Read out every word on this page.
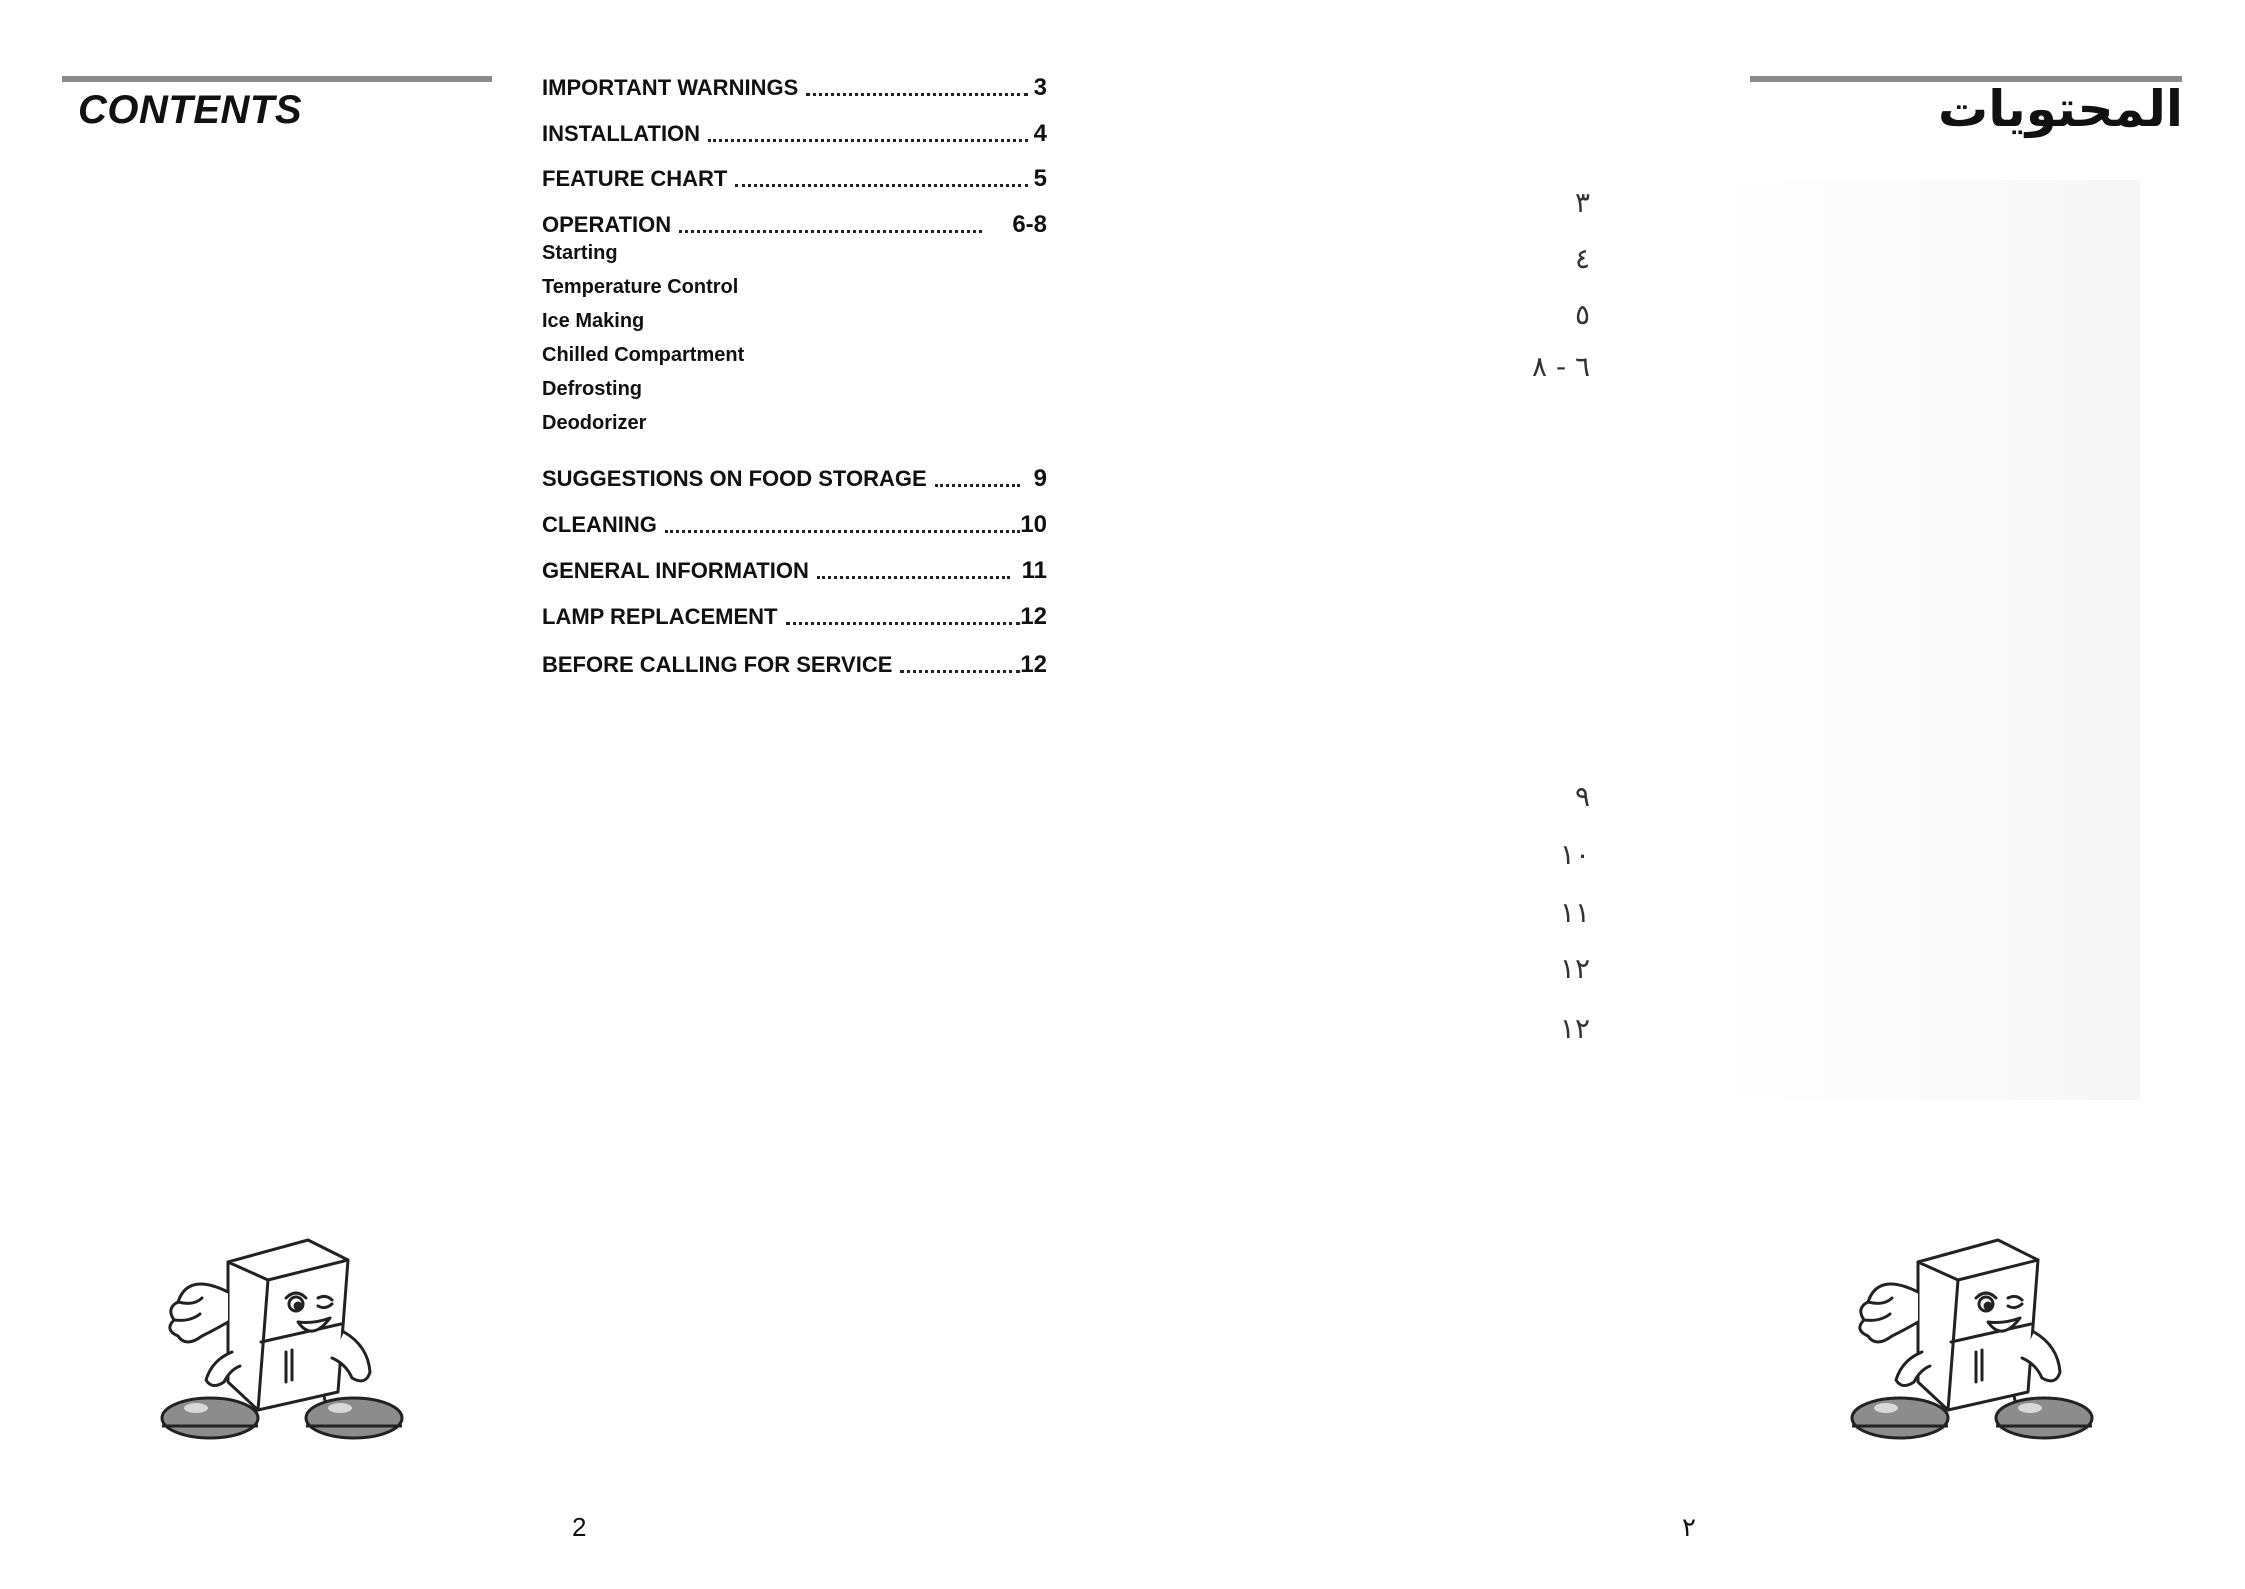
CONTENTS
IMPORTANT WARNINGS	3
INSTALLATION	4
FEATURE CHART	5
OPERATION	6-8
Starting
Temperature Control
Ice Making
Chilled Compartment
Defrosting
Deodorizer
SUGGESTIONS ON FOOD STORAGE	9
CLEANING	10
GENERAL INFORMATION	11
LAMP REPLACEMENT	12
BEFORE CALLING FOR SERVICE	12
2
المحتويات
٣
٤
٥
٦ - ٨
٩
١٠
١١
١٢
١٢
٢
